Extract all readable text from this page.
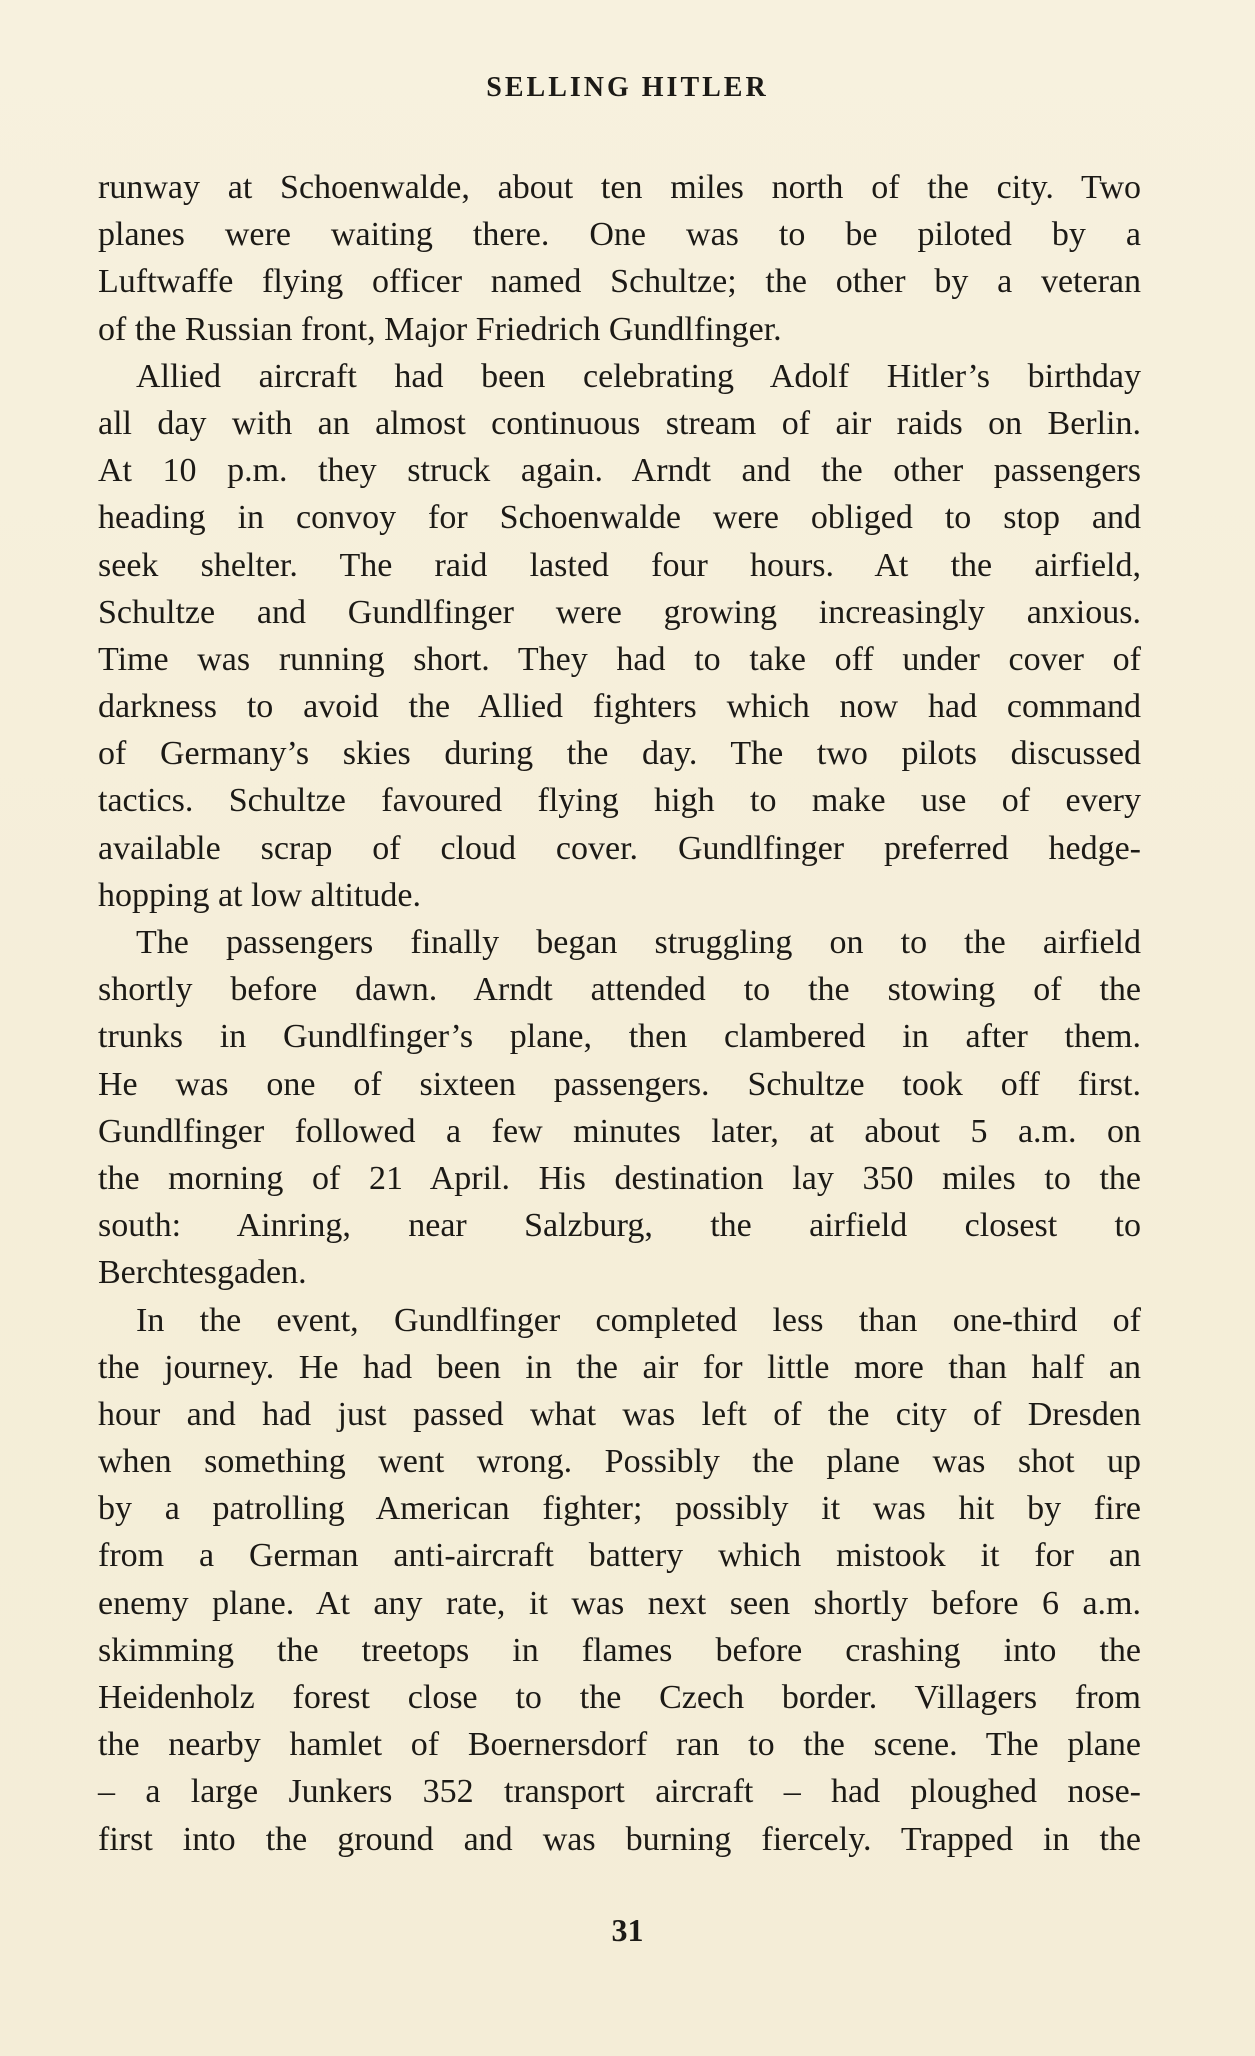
SELLING HITLER
runway at Schoenwalde, about ten miles north of the city. Two
planes were waiting there. One was to be piloted by a
Luftwaffe flying officer named Schultze; the other by a veteran
of the Russian front, Major Friedrich Gundlfinger.
Allied aircraft had been celebrating Adolf Hitler’s birthday
all day with an almost continuous stream of air raids on Berlin.
At 10 p.m. they struck again. Arndt and the other passengers
heading in convoy for Schoenwalde were obliged to stop and
seek shelter. The raid lasted four hours. At the airfield,
Schultze and Gundlfinger were growing increasingly anxious.
Time was running short. They had to take off under cover of
darkness to avoid the Allied fighters which now had command
of Germany’s skies during the day. The two pilots discussed
tactics. Schultze favoured flying high to make use of every
available scrap of cloud cover. Gundlfinger preferred hedge-
hopping at low altitude.
The passengers finally began struggling on to the airfield
shortly before dawn. Arndt attended to the stowing of the
trunks in Gundlfinger’s plane, then clambered in after them.
He was one of sixteen passengers. Schultze took off first.
Gundlfinger followed a few minutes later, at about 5 a.m. on
the morning of 21 April. His destination lay 350 miles to the
south: Ainring, near Salzburg, the airfield closest to
Berchtesgaden.
In the event, Gundlfinger completed less than one-third of
the journey. He had been in the air for little more than half an
hour and had just passed what was left of the city of Dresden
when something went wrong. Possibly the plane was shot up
by a patrolling American fighter; possibly it was hit by fire
from a German anti-aircraft battery which mistook it for an
enemy plane. At any rate, it was next seen shortly before 6 a.m.
skimming the treetops in flames before crashing into the
Heidenholz forest close to the Czech border. Villagers from
the nearby hamlet of Boernersdorf ran to the scene. The plane
– a large Junkers 352 transport aircraft – had ploughed nose-
first into the ground and was burning fiercely. Trapped in the
31
